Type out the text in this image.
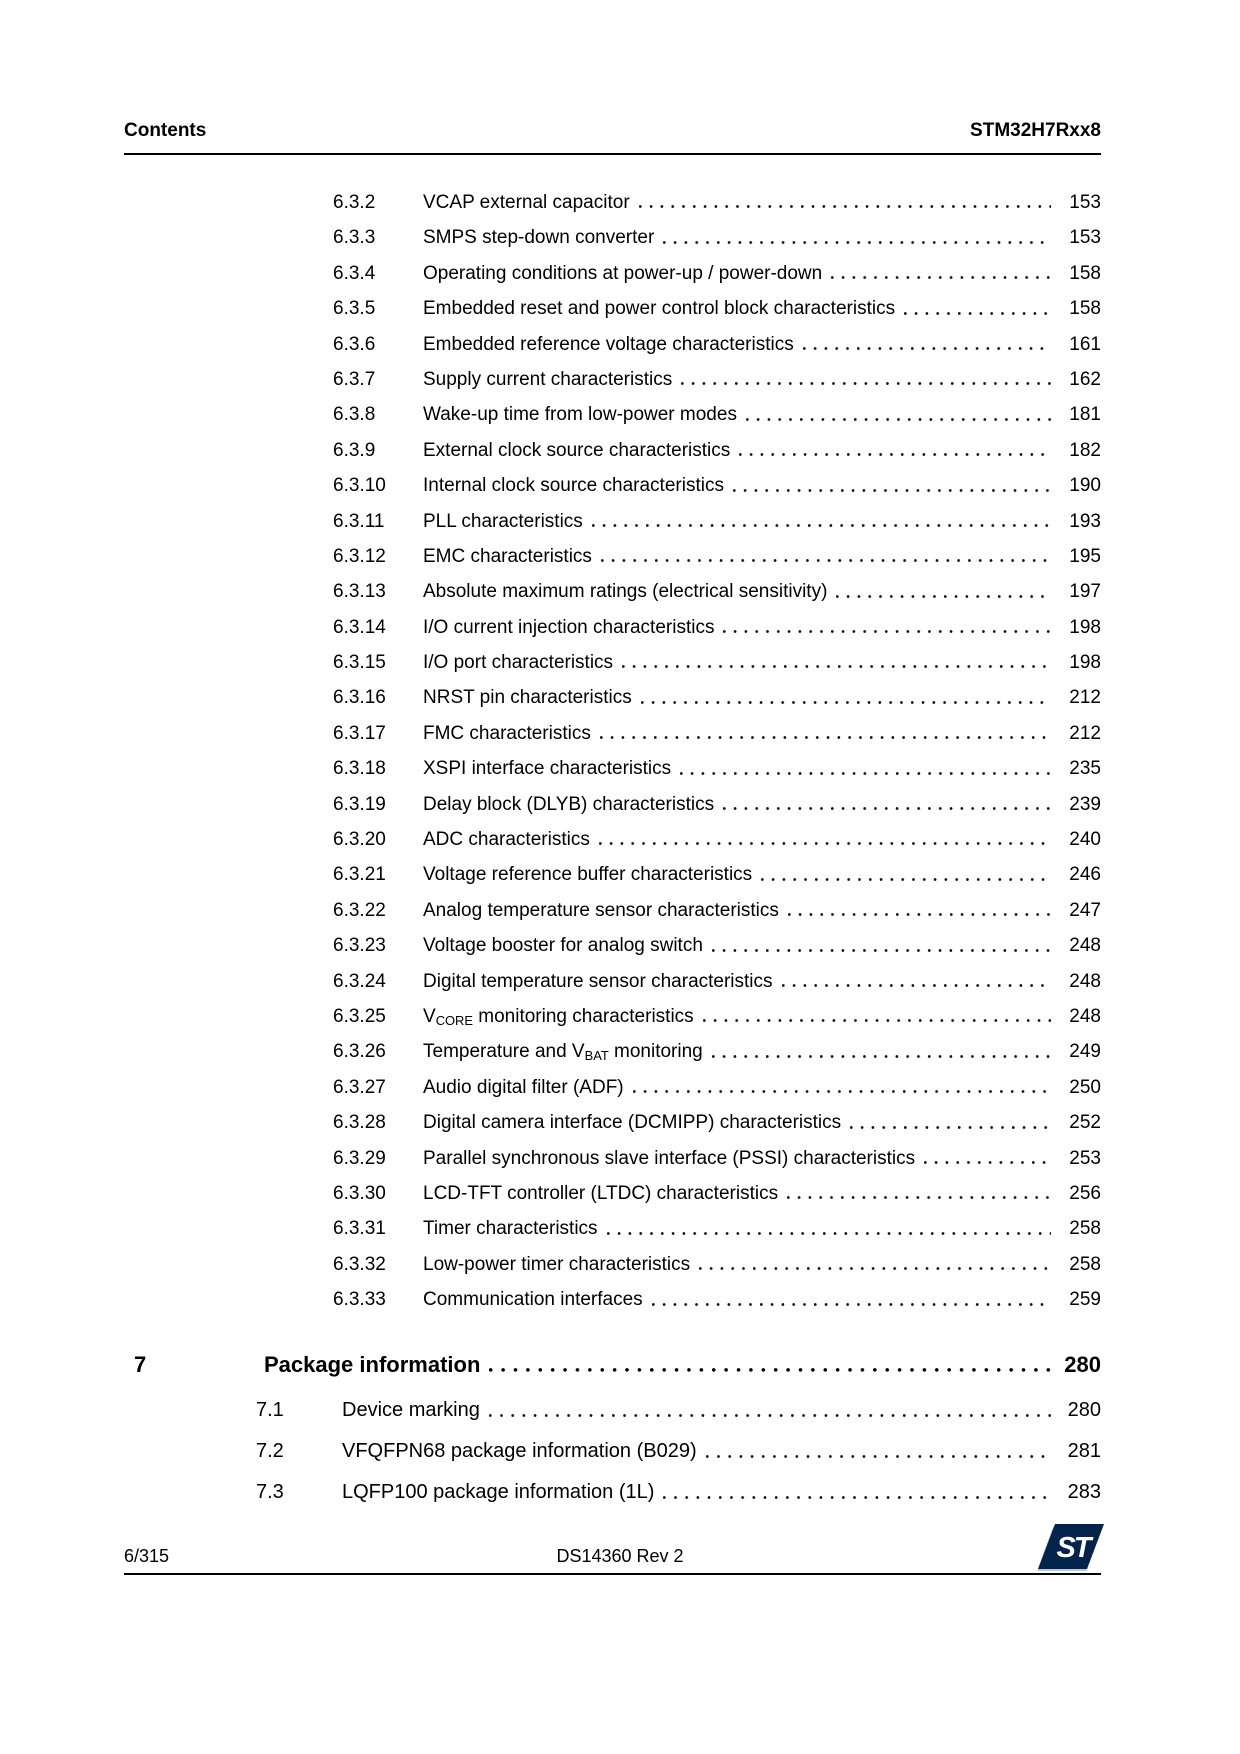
Contents	STM32H7Rxx8
6.3.2	VCAP external capacitor	153
6.3.3	SMPS step-down converter	153
6.3.4	Operating conditions at power-up / power-down	158
6.3.5	Embedded reset and power control block characteristics	158
6.3.6	Embedded reference voltage characteristics	161
6.3.7	Supply current characteristics	162
6.3.8	Wake-up time from low-power modes	181
6.3.9	External clock source characteristics	182
6.3.10	Internal clock source characteristics	190
6.3.11	PLL characteristics	193
6.3.12	EMC characteristics	195
6.3.13	Absolute maximum ratings (electrical sensitivity)	197
6.3.14	I/O current injection characteristics	198
6.3.15	I/O port characteristics	198
6.3.16	NRST pin characteristics	212
6.3.17	FMC characteristics	212
6.3.18	XSPI interface characteristics	235
6.3.19	Delay block (DLYB) characteristics	239
6.3.20	ADC characteristics	240
6.3.21	Voltage reference buffer characteristics	246
6.3.22	Analog temperature sensor characteristics	247
6.3.23	Voltage booster for analog switch	248
6.3.24	Digital temperature sensor characteristics	248
6.3.25	VCORE monitoring characteristics	248
6.3.26	Temperature and VBAT monitoring	249
6.3.27	Audio digital filter (ADF)	250
6.3.28	Digital camera interface (DCMIPP) characteristics	252
6.3.29	Parallel synchronous slave interface (PSSI) characteristics	253
6.3.30	LCD-TFT controller (LTDC) characteristics	256
6.3.31	Timer characteristics	258
6.3.32	Low-power timer characteristics	258
6.3.33	Communication interfaces	259
7	Package information	280
7.1	Device marking	280
7.2	VFQFPN68 package information (B029)	281
7.3	LQFP100 package information (1L)	283
6/315	DS14360 Rev 2	ST
